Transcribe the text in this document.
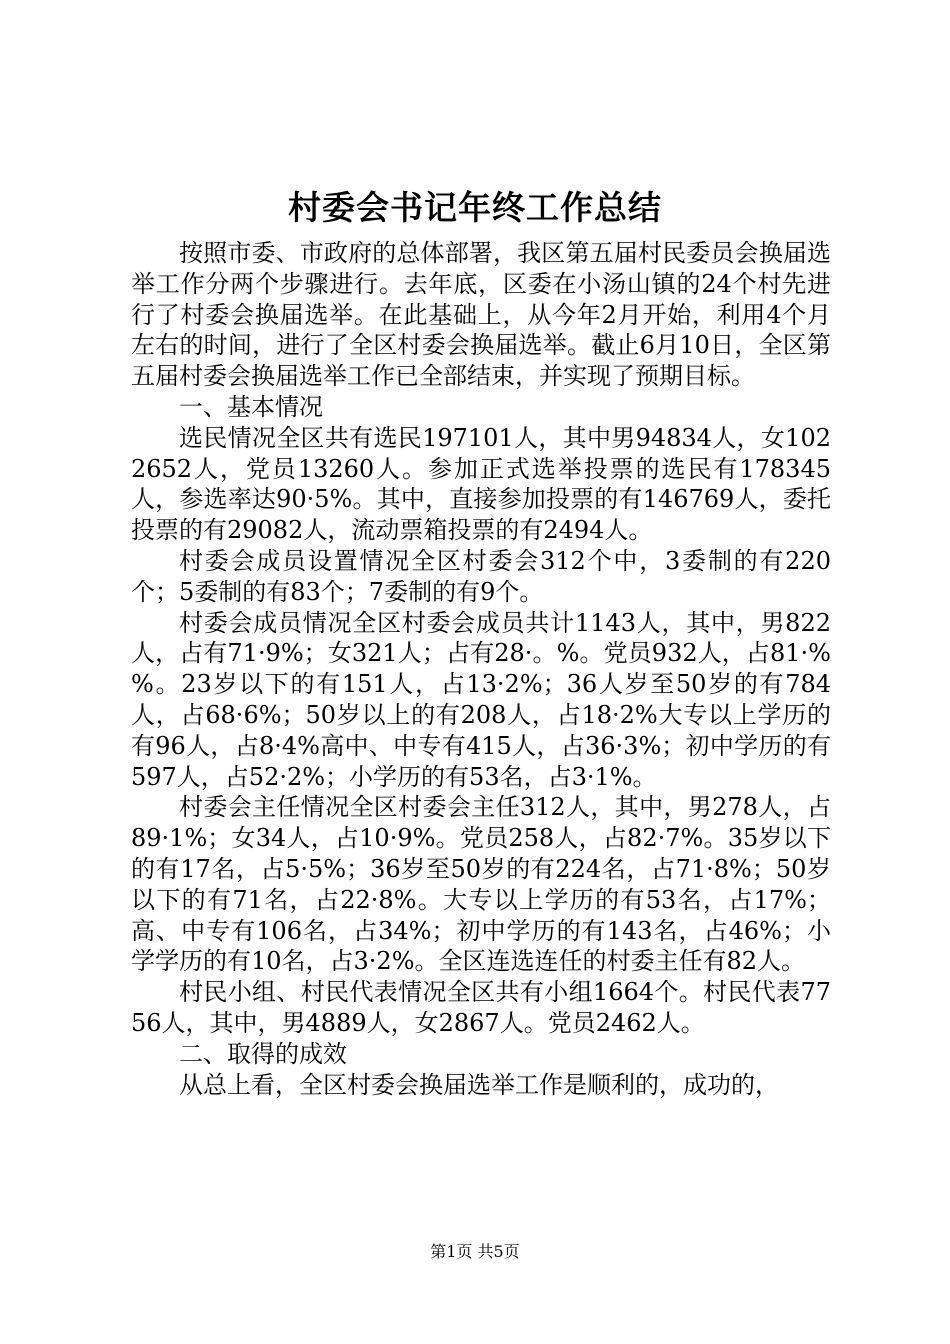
村委会书记年终工作总结

按照市委、市政府的总体部署，我区第五届村民委员会换届选举工作分两个步骤进行。去年底，区委在小汤山镇的24个村先进行了村委会换届选举。在此基础上，从今年2月开始，利用4个月左右的时间，进行了全区村委会换届选举。截止6月10日，全区第五届村委会换届选举工作已全部结束，并实现了预期目标。

一、基本情况

选民情况全区共有选民197101人，其中男94834人，女1022652人，党员13260人。参加正式选举投票的选民有178345人，参选率达90·5%。其中，直接参加投票的有146769人，委托投票的有29082人，流动票箱投票的有2494人。

村委会成员设置情况全区村委会312个中，3委制的有220个；5委制的有83个；7委制的有9个。

村委会成员情况全区村委会成员共计1143人，其中，男822人，占有71·9%；女321人；占有28·。%。党员932人，占81·%%。23岁以下的有151人，占13·2%；36人岁至50岁的有784人，占68·6%；50岁以上的有208人，占18·2%大专以上学历的有96人，占8·4%高中、中专有415人，占36·3%；初中学历的有597人，占52·2%；小学历的有53名，占3·1%。

村委会主任情况全区村委会主任312人，其中，男278人，占89·1%；女34人，占10·9%。党员258人，占82·7%。35岁以下的有17名，占5·5%；36岁至50岁的有224名，占71·8%；50岁以下的有71名，占22·8%。大专以上学历的有53名，占17%；高、中专有106名，占34%；初中学历的有143名，占46%；小学学历的有10名，占3·2%。全区连选连任的村委主任有82人。

村民小组、村民代表情况全区共有小组1664个。村民代表7756人，其中，男4889人，女2867人。党员2462人。

二、取得的成效

从总上看，全区村委会换届选举工作是顺利的，成功的，

第1页 共5页
